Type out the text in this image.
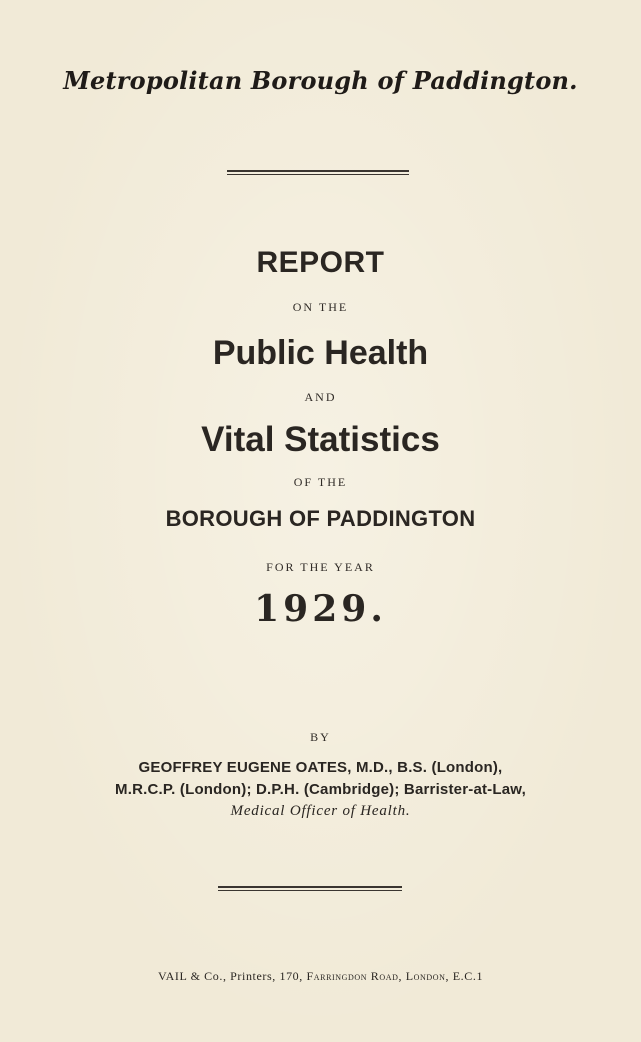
Metropolitan Borough of Paddington.
REPORT
ON THE
Public Health
AND
Vital Statistics
OF THE
BOROUGH OF PADDINGTON
FOR THE YEAR
1929.
BY
GEOFFREY EUGENE OATES, M.D., B.S. (London),
M.R.C.P. (London); D.P.H. (Cambridge); Barrister-at-Law,
Medical Officer of Health.
VAIL & Co., Printers, 170, Farringdon Road, London, E.C.1
